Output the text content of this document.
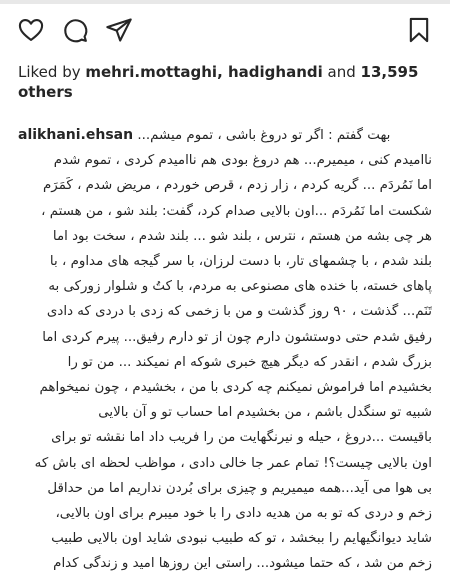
Liked by mehri.mottaghi, hadighandi and 13,595
others
alikhani.ehsan بهت گفتم : اگر تو دروغ باشی ، تموم میشم...
ناامیدم کنی ، میمیرم... هم دروغ بودی هم ناامیدم کردی ، تموم شدم
اما نَمُردَم ... گریه کردم ، زار زدم ، قرص خوردم ، مریض شدم ، کَمَرَم
شکست اما نَمُردَم ...اون بالایی صدام کرد، گفت: بلند شو ، من هستم ،
هر چی بشه من هستم ، نترس ، بلند شو ... بلند شدم ، سخت بود اما
بلند شدم ، با چشمهای تار، با دست لرزان، با سر گیجه های مداوم ، با
پاهای خسته، با خنده های مصنوعی به مردم، با کتُ و شلوار زورکی به
تَنَم... گذشت ، ۹۰ روز گذشت و من با زخمی که زدی با دردی که دادی
رفیق شدم حتی دوستشون دارم چون از تو دارم رفیق... پیرم کردی اما
بزرگ شدم ، انقدر که دیگر هیچ خبری شوکه ام نمیکند ... من تو را
بخشیدم اما فراموش نمیکنم چه کردی با من ، بخشیدم ، چون نمیخواهم
شبیه تو سنگدل باشم ، من بخشیدم اما حساب تو و آن بالایی
باقیست ...دروغ ، حیله و نیرنگهایت من را فریب داد اما نقشه تو برای
اون بالایی چیست؟! تمام عمر جا خالی دادی ، مواظب لحظه ای باش که
بی هوا می آید...همه میمیریم و چیزی برای بُردن نداریم اما من حداقل
زخم و دردی که تو به من هدیه دادی را با خود میبرم برای اون بالایی،
شاید دیوانگیهایم را ببخشد ، تو که طبیب نبودی شاید اون بالایی طبیب
زخم من شد ، که حتما میشود... راستی این روزها امید و زندگی کدام
